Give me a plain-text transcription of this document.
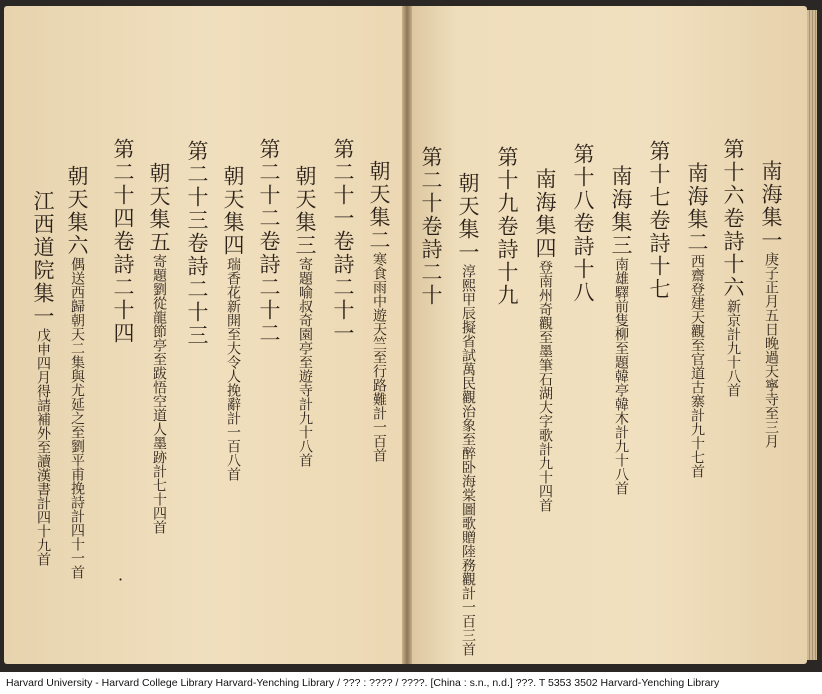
南海集一庚子正月五日晚過天寧寺至三月
第十六卷詩十六新京計九十八首
南海集二西齋登建天觀至官道古寨計九十七首
第十七卷詩十七
南海集三南雄驛前隻柳至題韓亭韓木計九十八首
第十八卷詩十八
南海集四登南州奇觀至墨筆石湖大字歌計九十四首
第十九卷詩十九
朝天集一淳熙甲辰擬省試萬民觀治象至醉卧海棠圖歌贈陸務觀計一百三首
第二十卷詩二十
朝天集二寒食雨中遊天竺至行路難計一百首
第二十一卷詩二十一
朝天集三寄題喻叔奇園亭至遊寺計九十八首
第二十二卷詩二十二
朝天集四瑞香花新開至大令人挽辭計一百八首
第二十三卷詩二十三
朝天集五寄題劉從龍節亭至跋悟空道人墨跡計七十四首
第二十四卷詩二十四
朝天集六偶送西歸朝天二集與尤延之至劉平甫挽詩計四十一首
江西道院集一戊申四月得請補外至讀漢書計四十九首
·
Harvard University - Harvard College Library Harvard-Yenching Library / ??? : ???? / ????. [China : s.n., n.d.] ???. T 5353 3502 Harvard-Yenching Library
